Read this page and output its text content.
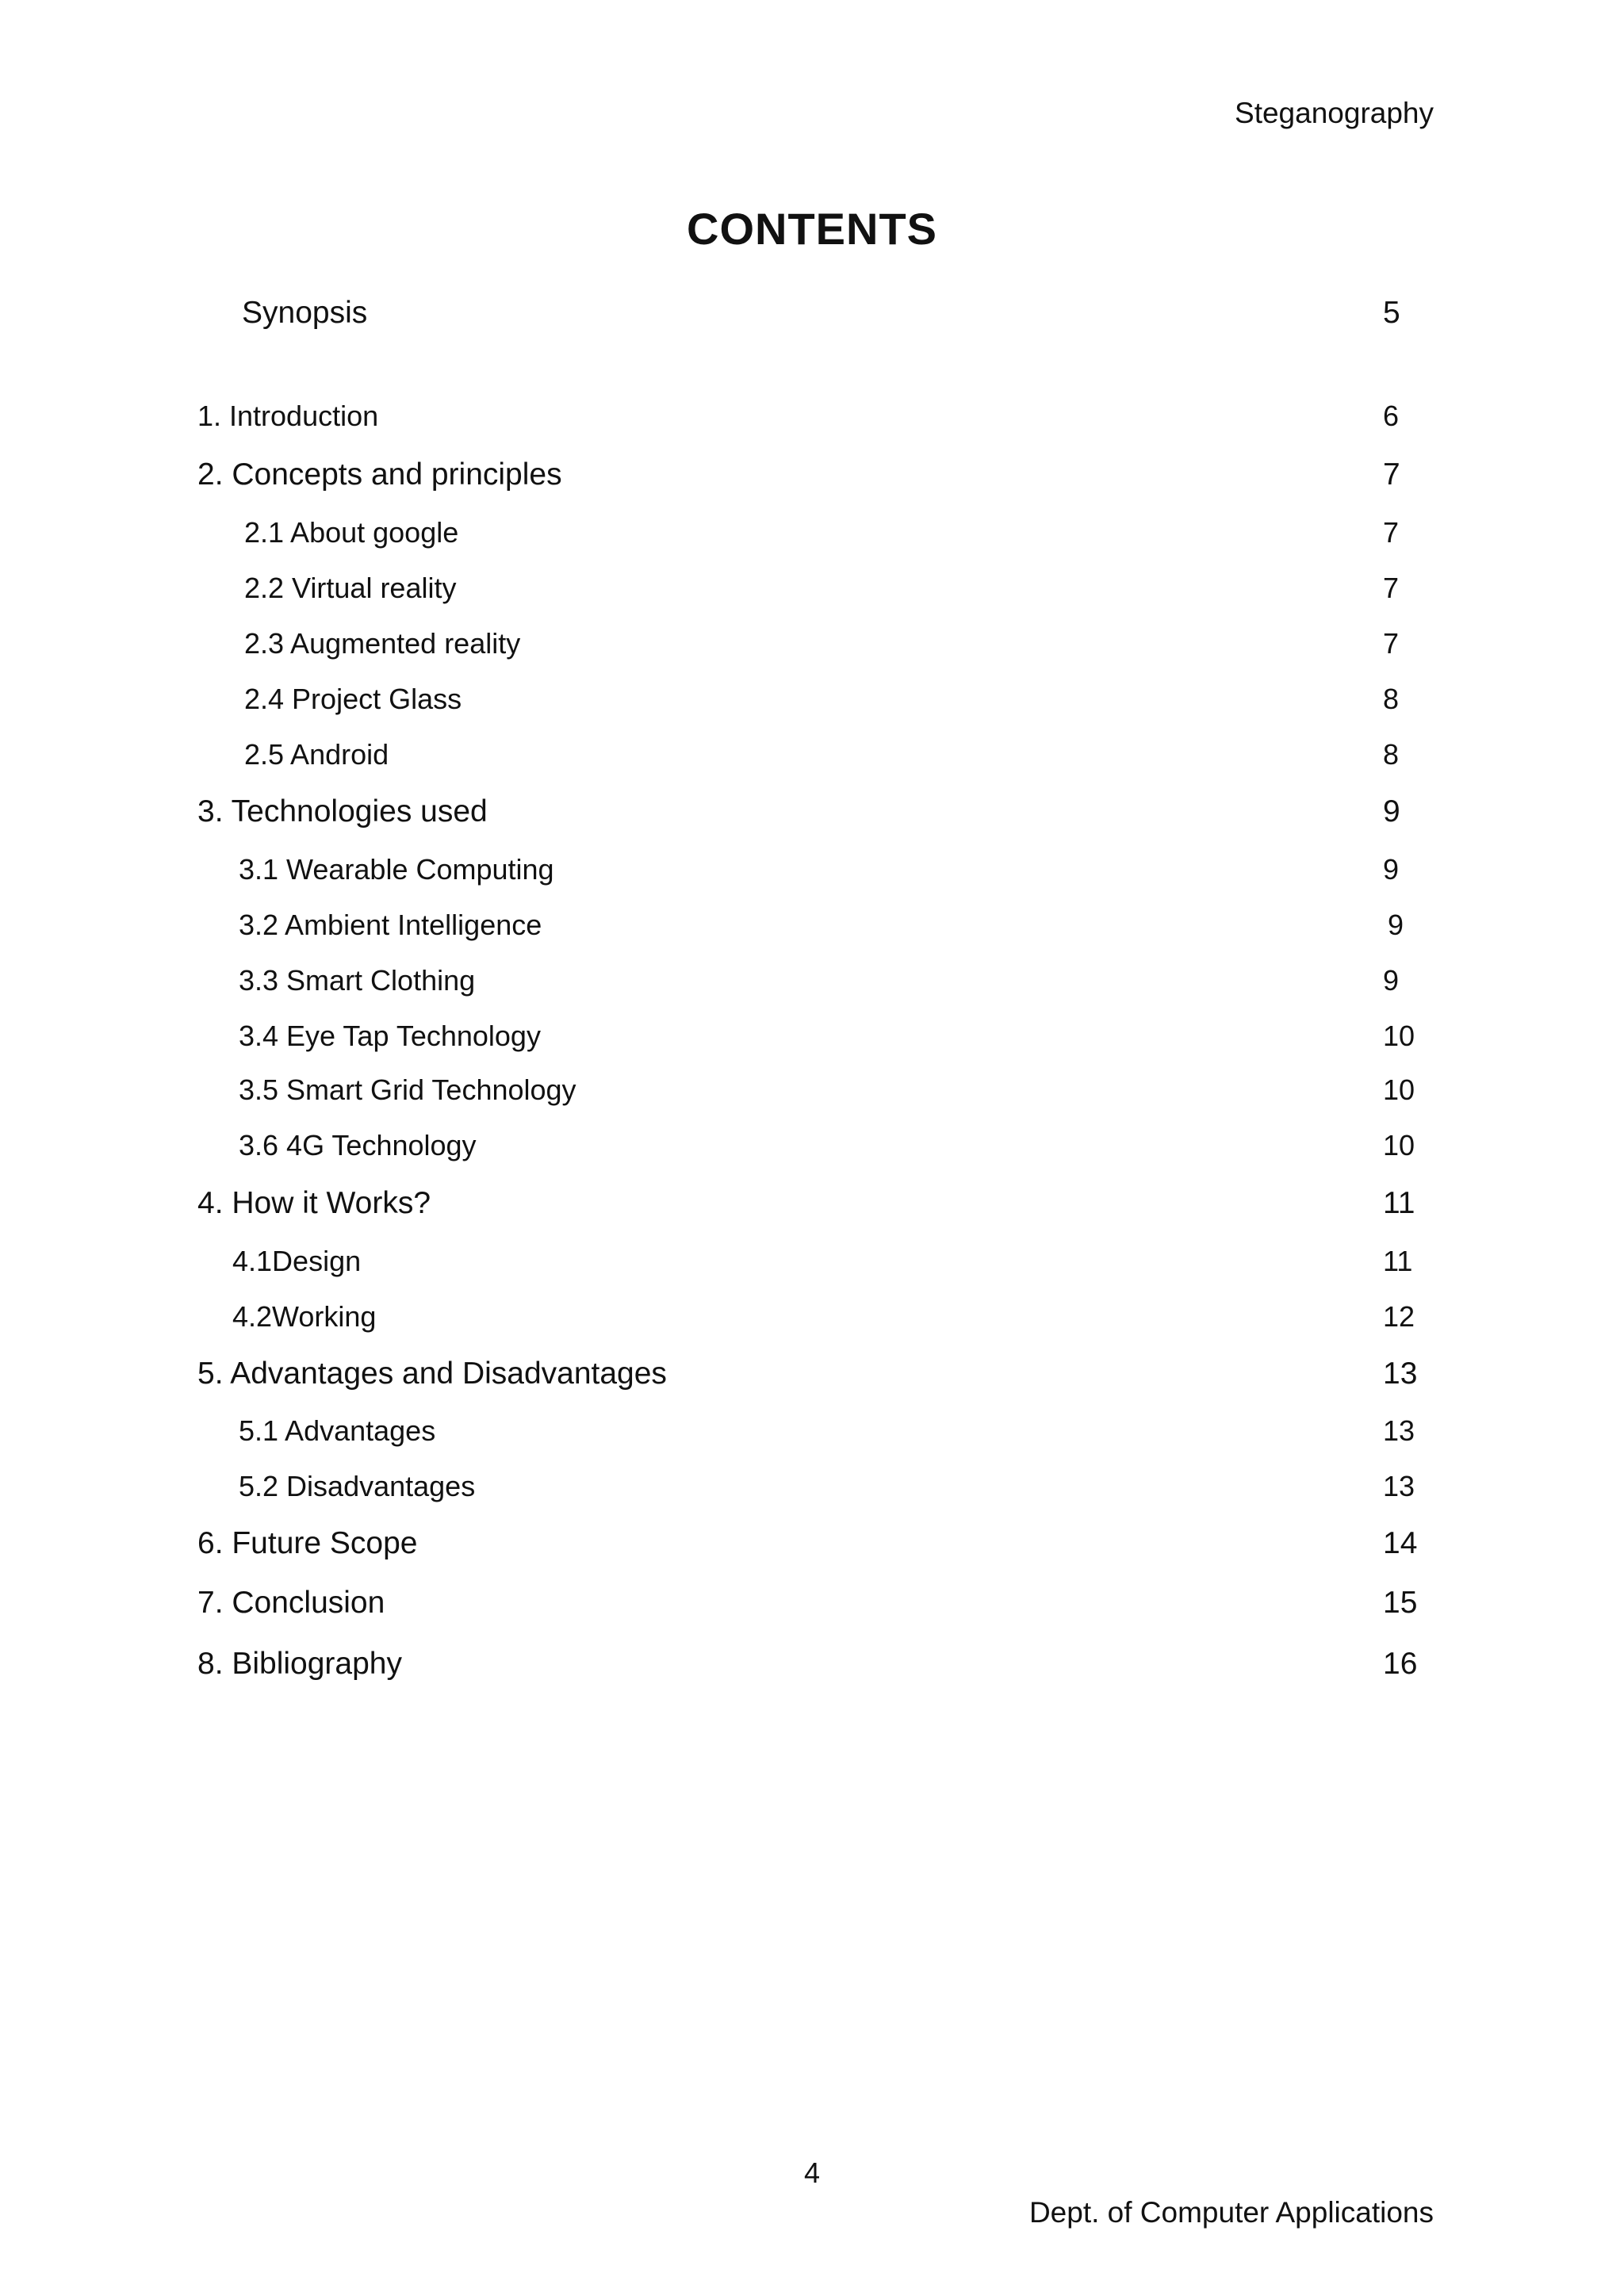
Steganography
CONTENTS
Synopsis	5
1. Introduction	6
2. Concepts and principles	7
2.1 About google	7
2.2 Virtual reality	7
2.3 Augmented reality	7
2.4 Project Glass	8
2.5 Android	8
3. Technologies used	9
3.1 Wearable Computing	9
3.2 Ambient Intelligence	9
3.3 Smart Clothing	9
3.4 Eye Tap Technology	10
3.5 Smart Grid Technology	10
3.6 4G Technology	10
4. How it Works?	11
4.1Design	11
4.2Working	12
5. Advantages and Disadvantages	13
5.1 Advantages	13
5.2 Disadvantages	13
6. Future Scope	14
7. Conclusion	15
8. Bibliography	16
4
Dept. of Computer Applications
